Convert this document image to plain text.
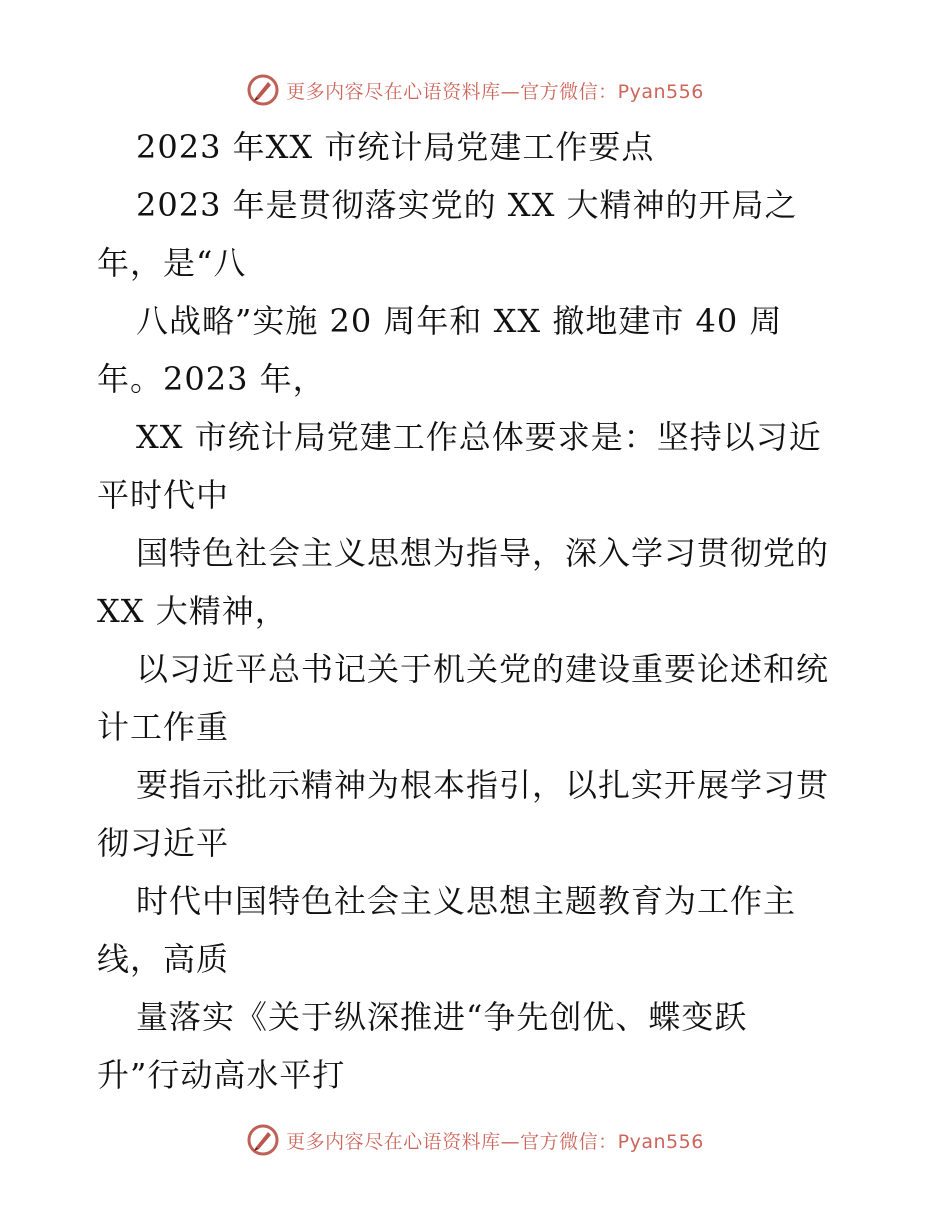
更多内容尽在心语资料库—官方微信：Pyan556
2023 年XX 市统计局党建工作要点
2023 年是贯彻落实党的 XX 大精神的开局之
年，是“八
八战略”实施 20 周年和 XX 撤地建市 40 周
年。2023 年，
XX 市统计局党建工作总体要求是：坚持以习近
平时代中
国特色社会主义思想为指导，深入学习贯彻党的
XX 大精神，
以习近平总书记关于机关党的建设重要论述和统
计工作重
要指示批示精神为根本指引，以扎实开展学习贯
彻习近平
时代中国特色社会主义思想主题教育为工作主
线，高质
量落实《关于纵深推进“争先创优、蝶变跃
升”行动高水平打
更多内容尽在心语资料库—官方微信：Pyan556
